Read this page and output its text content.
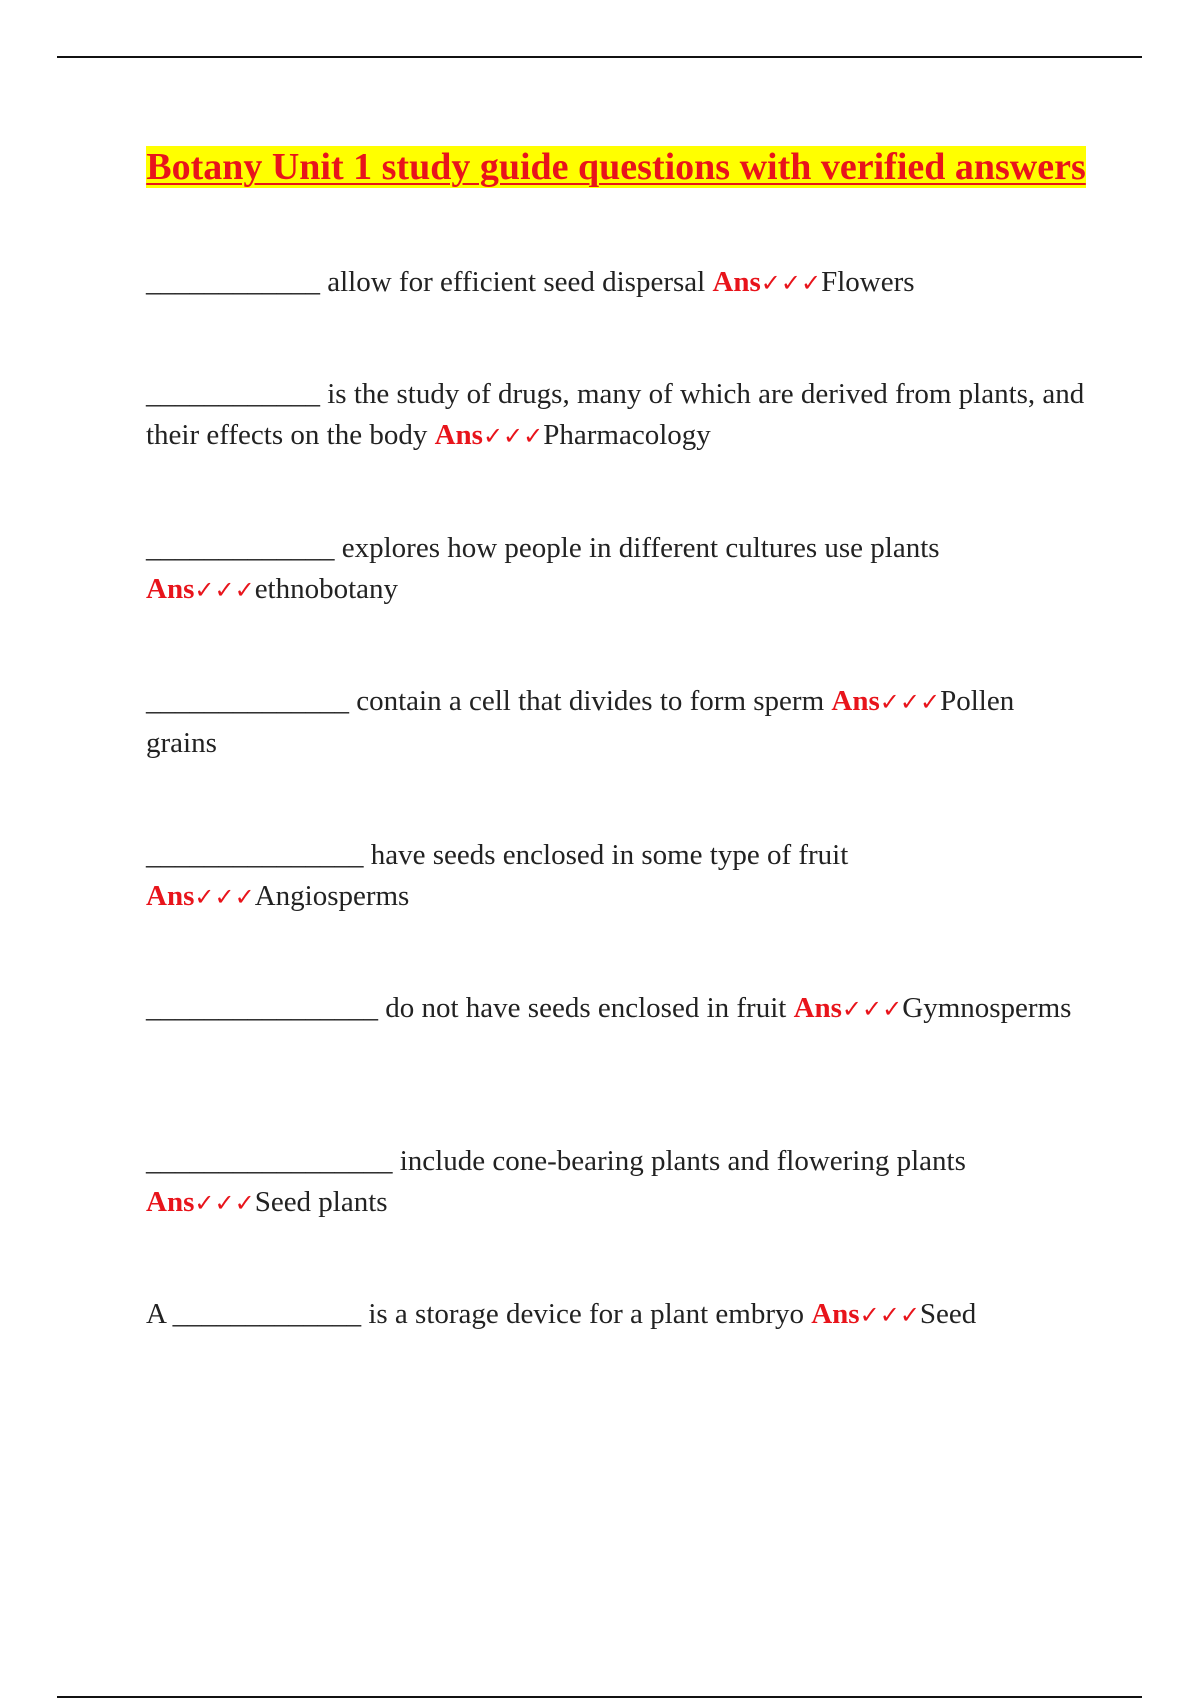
Botany Unit 1 study guide questions with verified answers

____________ allow for efficient seed dispersal Ans✓✓✓Flowers

____________ is the study of drugs, many of which are derived from plants, and their effects on the body Ans✓✓✓Pharmacology

_____________ explores how people in different cultures use plants Ans✓✓✓ethnobotany

______________ contain a cell that divides to form sperm Ans✓✓✓Pollen grains

_______________ have seeds enclosed in some type of fruit Ans✓✓✓Angiosperms

________________ do not have seeds enclosed in fruit Ans✓✓✓Gymnosperms

_________________ include cone-bearing plants and flowering plants Ans✓✓✓Seed plants

A _____________ is a storage device for a plant embryo Ans✓✓✓Seed
